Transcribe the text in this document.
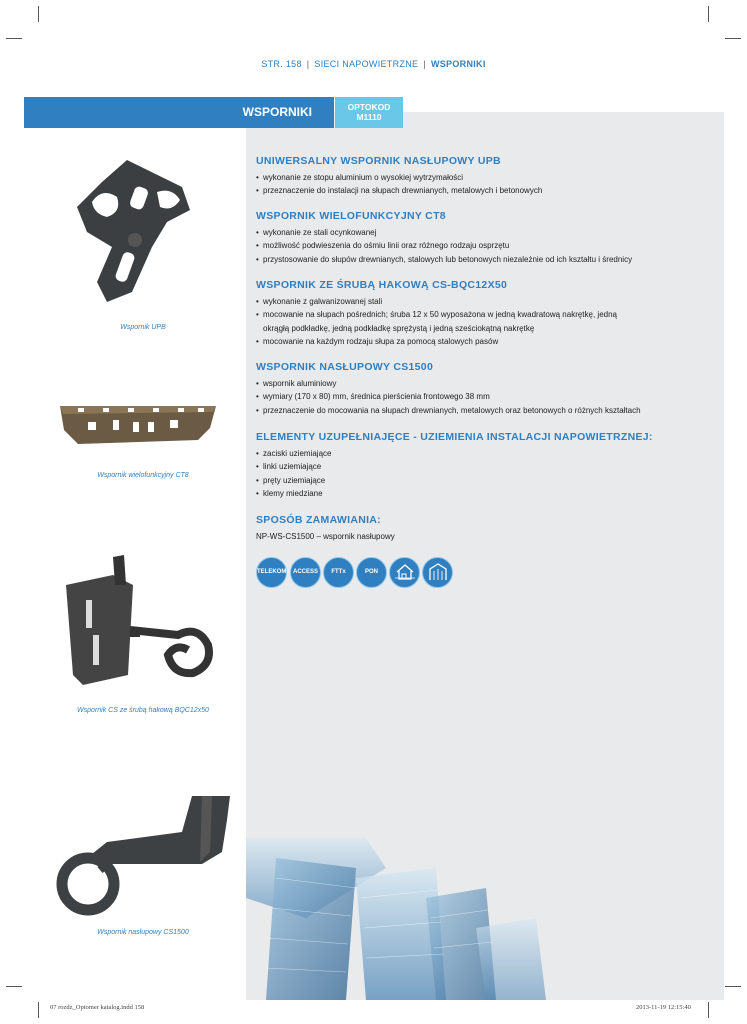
STR. 158 | SIECI NAPOWIETRZNE | WSPORNIKI
WSPORNIKI	OPTOKOD
M1110
UNIWERSALNY WSPORNIK NASŁUPOWY UPB
• wykonanie ze stopu aluminium o wysokiej wytrzymałości
• przeznaczenie do instalacji na słupach drewnianych, metalowych i betonowych
WSPORNIK WIELOFUNKCYJNY CT8
• wykonanie ze stali ocynkowanej
• możliwość podwieszenia do ośmiu linii oraz różnego rodzaju osprzętu
• przystosowanie do słupów drewnianych, stalowych lub betonowych niezależnie od ich kształtu i średnicy
WSPORNIK ZE ŚRUBĄ HAKOWĄ CS-BQC12X50
• wykonanie z galwanizowanej stali
• mocowanie na słupach pośrednich; śruba 12 x 50 wyposażona w jedną kwadratową nakrętkę, jedną okrągłą podkładkę, jedną podkładkę sprężystą i jedną sześciokątną nakrętkę
• mocowanie na każdym rodzaju słupa za pomocą stalowych pasów
WSPORNIK NASŁUPOWY CS1500
• wspornik aluminiowy
• wymiary (170 x 80) mm, średnica pierścienia frontowego 38 mm
• przeznaczenie do mocowania na słupach drewnianych, metalowych oraz betonowych o różnych kształtach
ELEMENTY UZUPEŁNIAJĘCE - UZIEMIENIA INSTALACJI NAPOWIETRZNEJ:
• zaciski uziemiające
• linki uziemiające
• pręty uziemiające
• klemy miedziane
SPOSÓB ZAMAWIANIA:
NP-WS-CS1500 – wspornik nasłupowy
TELEKOM	ACCESS	FTTx	PON
Wspornik UPB
Wspornik wielofunkcyjny CT8
Wspornik CS ze śrubą hakową BQC12x50
Wspornik nasłupowy CS1500
07 rozdz_Optomer katalog.indd 158	2013-11-19 12:15:40
